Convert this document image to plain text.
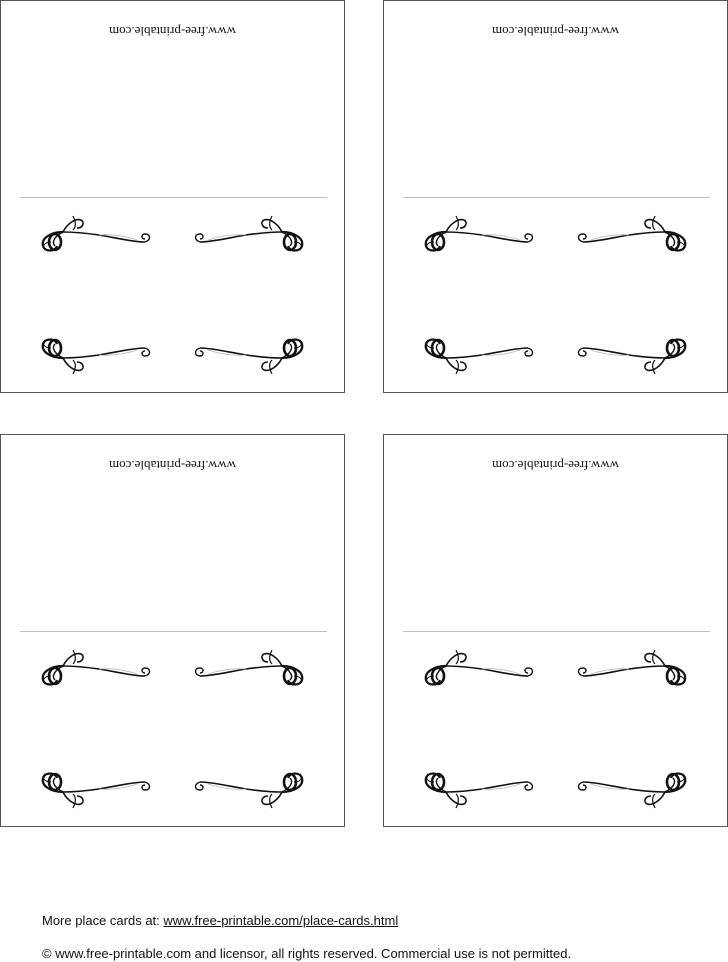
www.free-printable.com	www.free-printable.com
www.free-printable.com	www.free-printable.com
More place cards at: www.free-printable.com/place-cards.html
© www.free-printable.com and licensor, all rights reserved. Commercial use is not permitted.
